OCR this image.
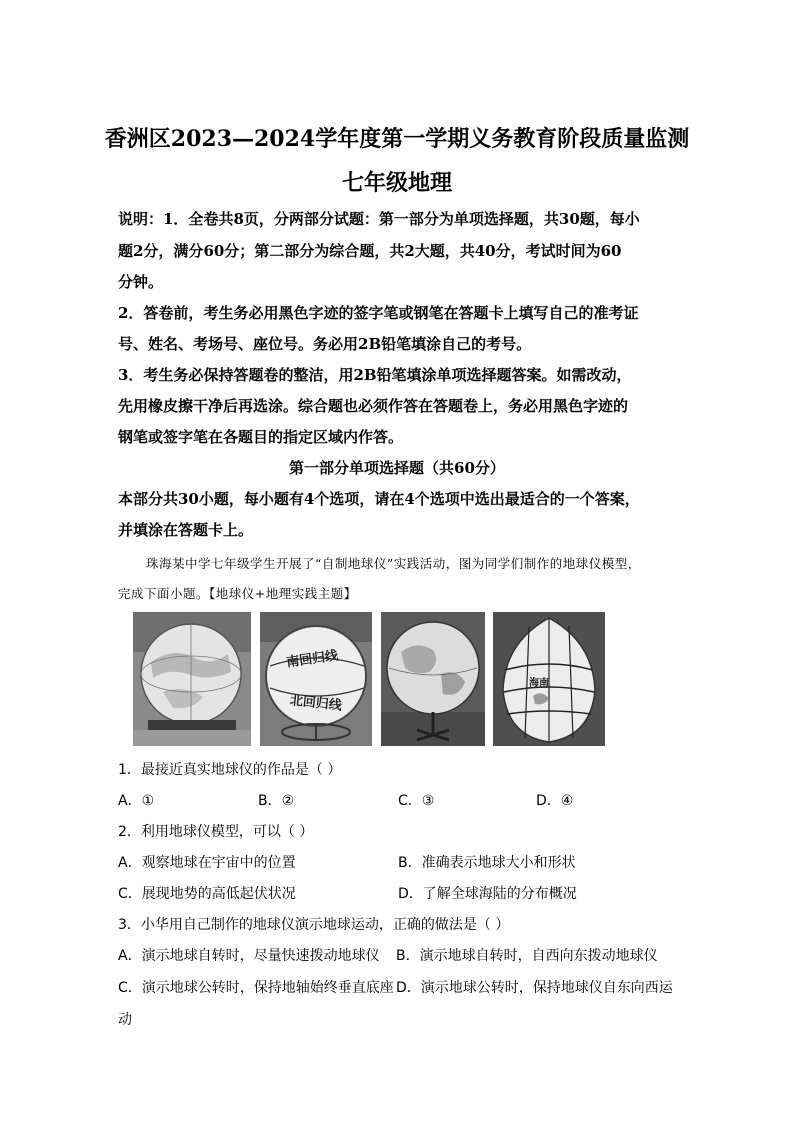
香洲区2023—2024学年度第一学期义务教育阶段质量监测
七年级地理
说明：1．全卷共8页，分两部分试题：第一部分为单项选择题，共30题，每小
题2分，满分60分；第二部分为综合题，共2大题，共40分，考试时间为60
分钟。
2．答卷前，考生务必用黑色字迹的签字笔或钢笔在答题卡上填写自己的准考证
号、姓名、考场号、座位号。务必用2B铅笔填涂自己的考号。
3．考生务必保持答题卷的整洁，用2B铅笔填涂单项选择题答案。如需改动，
先用橡皮擦干净后再选涂。综合题也必须作答在答题卷上，务必用黑色字迹的
钢笔或签字笔在各题目的指定区域内作答。
第一部分单项选择题（共60分）
本部分共30小题，每小题有4个选项，请在4个选项中选出最适合的一个答案，
并填涂在答题卡上。
珠海某中学七年级学生开展了“自制地球仪”实践活动，图为同学们制作的地球仪模型，
完成下面小题。【地球仪+地理实践主题】
南回归线
北回归线
海南
1．最接近真实地球仪的作品是（ ）
A．①	B．②	C．③	D．④
2．利用地球仪模型，可以（ ）
A．观察地球在宇宙中的位置	B．准确表示地球大小和形状
C．展现地势的高低起伏状况	D．了解全球海陆的分布概况
3．小华用自己制作的地球仪演示地球运动，正确的做法是（ ）
A．演示地球自转时，尽量快速拨动地球仪 B．演示地球自转时，自西向东拨动地球仪
C．演示地球公转时，保持地轴始终垂直底座 D．演示地球公转时，保持地球仪自东向西运
动
